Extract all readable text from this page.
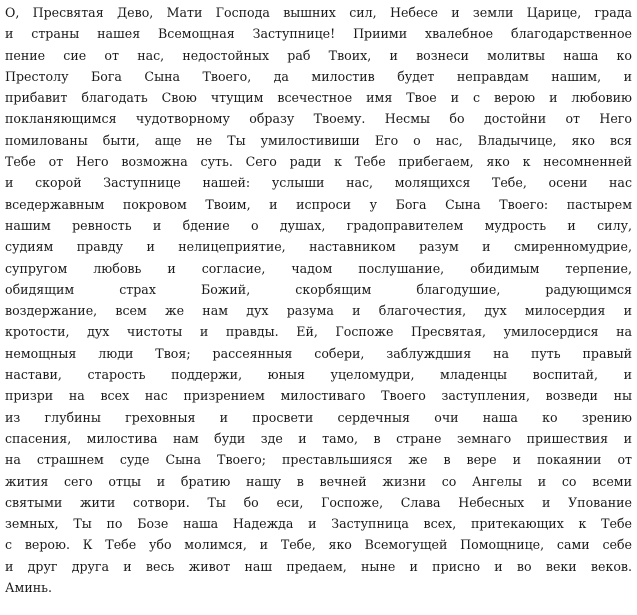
О, Пресвятая Дево, Мати Господа вышних сил, Небесе и земли Царице, града
и страны нашея Всемощная Заступнице! Приими хвалебное благодарственное
пение сие от нас, недостойных раб Твоих, и вознеси молитвы наша ко
Престолу Бога Сына Твоего, да милостив будет неправдам нашим, и
прибавит благодать Свою чтущим всечестное имя Твое и с верою и любовию
покланяющимся чудотворному образу Твоему. Несмы бо достойни от Него
помилованы быти, аще не Ты умилостивиши Его о нас, Владычице, яко вся
Тебе от Него возможна суть. Сего ради к Тебе прибегаем, яко к несомненней
и скорой Заступнице нашей: услыши нас, молящихся Тебе, осени нас
вседержавным покровом Твоим, и испроси у Бога Сына Твоего: пастырем
нашим ревность и бдение о душах, градоправителем мудрость и силу,
судиям правду и нелицеприятие, наставником разум и смиренномудрие,
супругом любовь и согласие, чадом послушание, обидимым терпение,
обидящим страх Божий, скорбящим благодушие, радующимся
воздержание, всем же нам дух разума и благочестия, дух милосердия и
кротости, дух чистоты и правды. Ей, Госпоже Пресвятая, умилосердися на
немощныя люди Твоя; рассеянныя собери, заблуждшия на путь правый
настави, старость поддержи, юныя уцеломудри, младенцы воспитай, и
призри на всех нас призрением милостиваго Твоего заступления, возведи ны
из глубины греховныя и просвети сердечныя очи наша ко зрению
спасения, милостива нам буди зде и тамо, в стране земнаго пришествия и
на страшнем суде Сына Твоего; преставльшияся же в вере и покаянии от
жития сего отцы и братию нашу в вечней жизни со Ангелы и со всеми
святыми жити сотвори. Ты бо еси, Госпоже, Слава Небесных и Упование
земных, Ты по Бозе наша Надежда и Заступница всех, притекающих к Тебе
с верою. К Тебе убо молимся, и Тебе, яко Всемогущей Помощнице, сами себе
и друг друга и весь живот наш предаем, ныне и присно и во веки веков.
Аминь.
